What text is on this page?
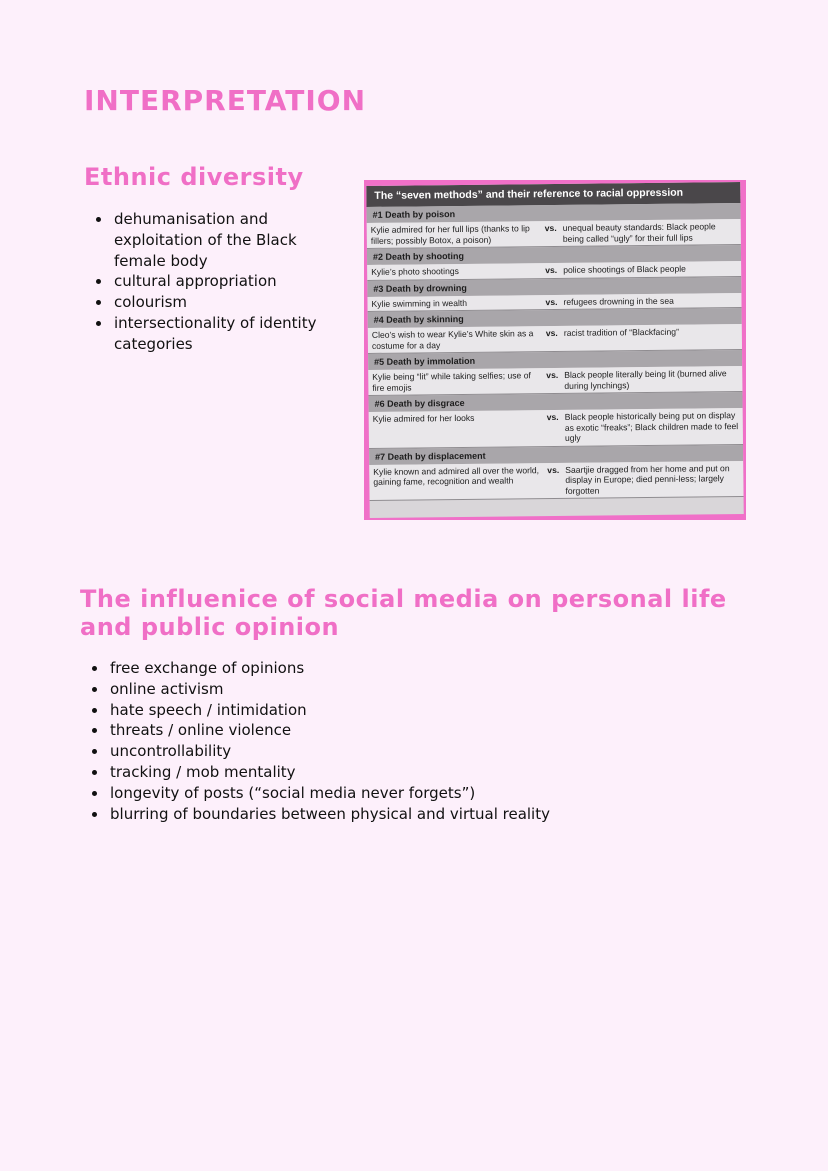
INTERPRETATION
Ethnic diversity
• dehumanisation and exploitation of the Black female body
• cultural appropriation
• colourism
• intersectionality of identity categories
The “seven methods” and their reference to racial oppression
#1 Death by poison
Kylie admired for her full lips (thanks to lip fillers; possibly Botox, a poison)
vs. unequal beauty standards: Black people being called “ugly” for their full lips
#2 Death by shooting
Kylie’s photo shootings	vs. police shootings of Black people
#3 Death by drowning
Kylie swimming in wealth	vs. refugees drowning in the sea
#4 Death by skinning
Cleo’s wish to wear Kylie’s White skin as a costume for a day
vs. racist tradition of “Blackfacing”
#5 Death by immolation
Kylie being “lit” while taking selfies; use of fire emojis
vs. Black people literally being lit (burned alive during lynchings)
#6 Death by disgrace
Kylie admired for her looks	vs. Black people historically being put on display as exotic “freaks”; Black children made to feel ugly
#7 Death by displacement
Kylie known and admired all over the world, gaining fame, recognition and wealth
vs. Saartjie dragged from her home and put on display in Europe; died penni-less; largely forgotten
The influenice of social media on personal life and public opinion
• free exchange of opinions
• online activism
• hate speech / intimidation
• threats / online violence
• uncontrollability
• tracking / mob mentality
• longevity of posts (“social media never forgets”)
• blurring of boundaries between physical and virtual reality
